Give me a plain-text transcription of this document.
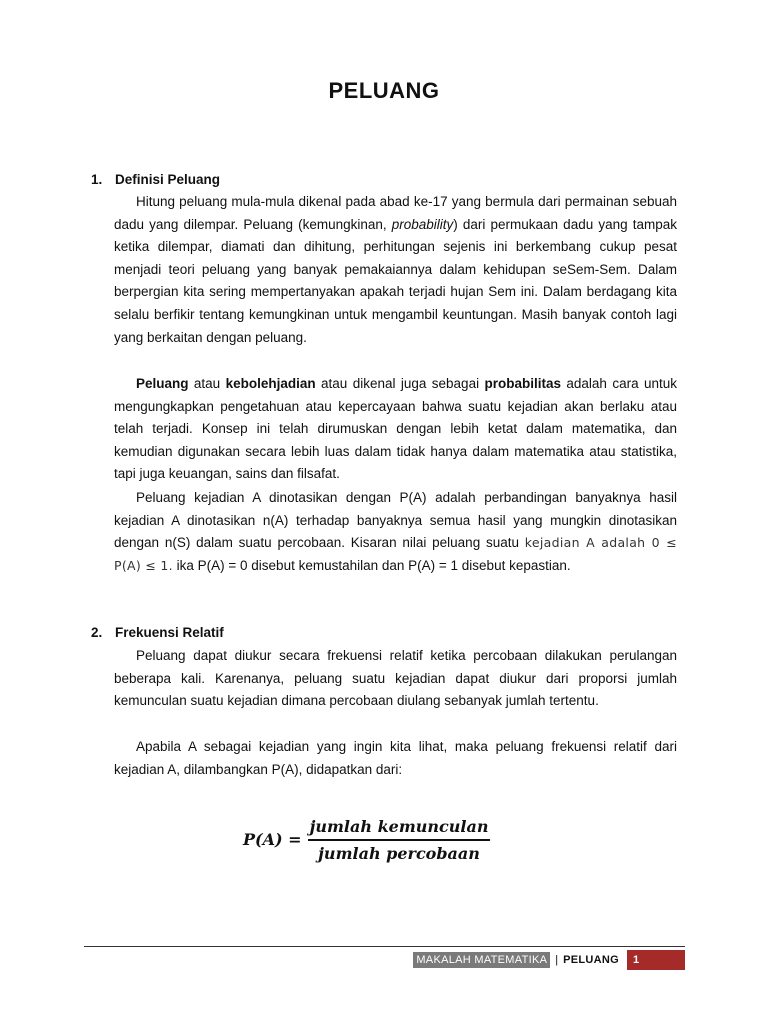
PELUANG
1. Definisi Peluang
Hitung peluang mula-mula dikenal pada abad ke-17 yang bermula dari permainan sebuah dadu yang dilempar. Peluang (kemungkinan, probability) dari permukaan dadu yang tampak ketika dilempar, diamati dan dihitung, perhitungan sejenis ini berkembang cukup pesat menjadi teori peluang yang banyak pemakaiannya dalam kehidupan seSem-Sem. Dalam berpergian kita sering mempertanyakan apakah terjadi hujan Sem ini. Dalam berdagang kita selalu berfikir tentang kemungkinan untuk mengambil keuntungan. Masih banyak contoh lagi yang berkaitan dengan peluang.
Peluang atau kebolehjadian atau dikenal juga sebagai probabilitas adalah cara untuk mengungkapkan pengetahuan atau kepercayaan bahwa suatu kejadian akan berlaku atau telah terjadi. Konsep ini telah dirumuskan dengan lebih ketat dalam matematika, dan kemudian digunakan secara lebih luas dalam tidak hanya dalam matematika atau statistika, tapi juga keuangan, sains dan filsafat.
Peluang kejadian A dinotasikan dengan P(A) adalah perbandingan banyaknya hasil kejadian A dinotasikan n(A) terhadap banyaknya semua hasil yang mungkin dinotasikan dengan n(S) dalam suatu percobaan. Kisaran nilai peluang suatu kejadian A adalah 0 ≤ P(A) ≤ 1. ika P(A) = 0 disebut kemustahilan dan P(A) = 1 disebut kepastian.
2. Frekuensi Relatif
Peluang dapat diukur secara frekuensi relatif ketika percobaan dilakukan perulangan beberapa kali. Karenanya, peluang suatu kejadian dapat diukur dari proporsi jumlah kemunculan suatu kejadian dimana percobaan diulang sebanyak jumlah tertentu.
Apabila A sebagai kejadian yang ingin kita lihat, maka peluang frekuensi relatif dari kejadian A, dilambangkan P(A), didapatkan dari:
$P(A) = \frac{\text{jumlah kemunculan}}{\text{jumlah percobaan}}$
MAKALAH MATEMATIKA | PELUANG	1
